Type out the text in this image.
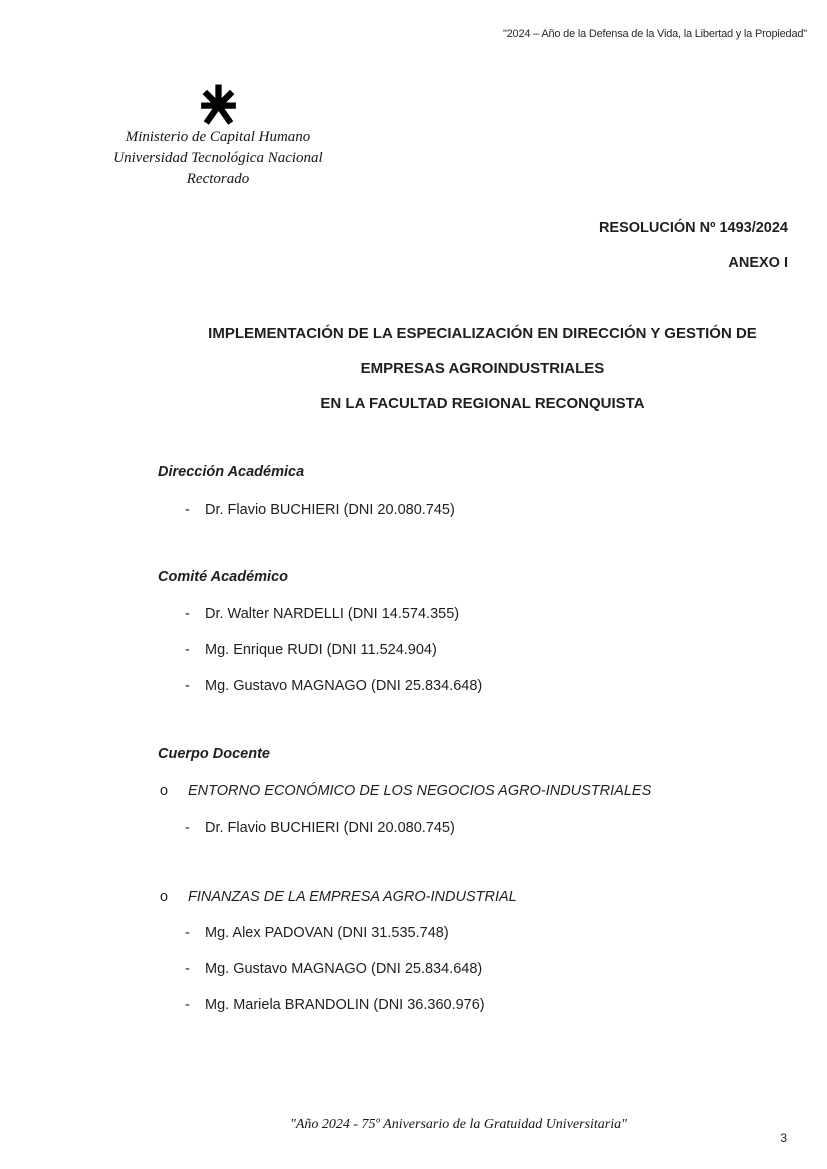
"2024 – Año de la Defensa de la Vida, la Libertad y la Propiedad"
Ministerio de Capital Humano
Universidad Tecnológica Nacional
Rectorado
RESOLUCIÓN Nº 1493/2024
ANEXO I
IMPLEMENTACIÓN DE LA ESPECIALIZACIÓN EN DIRECCIÓN Y GESTIÓN DE
EMPRESAS AGROINDUSTRIALES
EN LA FACULTAD REGIONAL RECONQUISTA
Dirección Académica
- Dr. Flavio BUCHIERI (DNI 20.080.745)
Comité Académico
- Dr. Walter NARDELLI (DNI 14.574.355)
- Mg. Enrique RUDI (DNI 11.524.904)
- Mg. Gustavo MAGNAGO (DNI 25.834.648)
Cuerpo Docente
o ENTORNO ECONÓMICO DE LOS NEGOCIOS AGRO-INDUSTRIALES
- Dr. Flavio BUCHIERI (DNI 20.080.745)
o FINANZAS DE LA EMPRESA AGRO-INDUSTRIAL
- Mg. Alex PADOVAN (DNI 31.535.748)
- Mg. Gustavo MAGNAGO (DNI 25.834.648)
- Mg. Mariela BRANDOLIN (DNI 36.360.976)
"Año 2024 - 75º Aniversario de la Gratuidad Universitaria"
3
